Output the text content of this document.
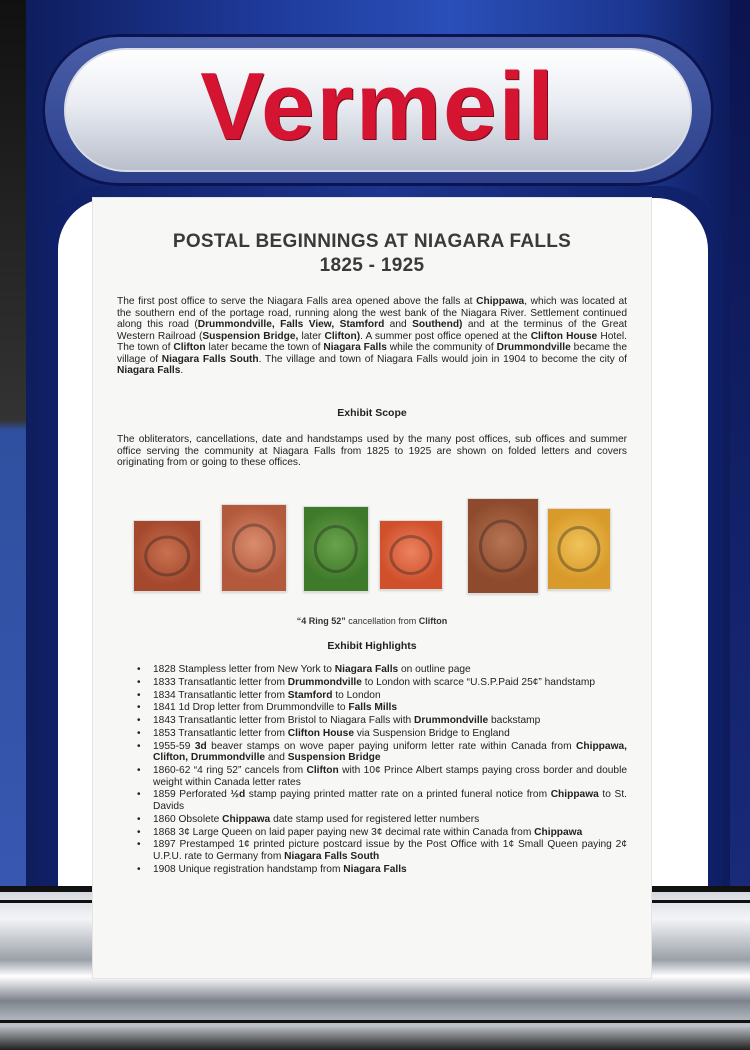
Vermeil
POSTAL BEGINNINGS AT NIAGARA FALLS
1825 - 1925
The first post office to serve the Niagara Falls area opened above the falls at Chippawa, which was located at the southern end of the portage road, running along the west bank of the Niagara River. Settlement continued along this road (Drummondville, Falls View, Stamford and Southend) and at the terminus of the Great Western Railroad (Suspension Bridge, later Clifton). A summer post office opened at the Clifton House Hotel. The town of Clifton later became the town of Niagara Falls while the community of Drummondville became the village of Niagara Falls South. The village and town of Niagara Falls would join in 1904 to become the city of Niagara Falls.
Exhibit Scope
The obliterators, cancellations, date and handstamps used by the many post offices, sub offices and summer office serving the community at Niagara Falls from 1825 to 1925 are shown on folded letters and covers originating from or going to these offices.
“4 Ring 52” cancellation from Clifton
Exhibit Highlights
• 1828 Stampless letter from New York to Niagara Falls on outline page
• 1833 Transatlantic letter from Drummondville to London with scarce “U.S.P.Paid 25¢” handstamp
• 1834 Transatlantic letter from Stamford to London
• 1841 1d Drop letter from Drummondville to Falls Mills
• 1843 Transatlantic letter from Bristol to Niagara Falls with Drummondville backstamp
• 1853 Transatlantic letter from Clifton House via Suspension Bridge to England
• 1955-59 3d beaver stamps on wove paper paying uniform letter rate within Canada from Chippawa, Clifton, Drummondville and Suspension Bridge
• 1860-62 “4 ring 52” cancels from Clifton with 10¢ Prince Albert stamps paying cross border and double weight within Canada letter rates
• 1859 Perforated ½d stamp paying printed matter rate on a printed funeral notice from Chippawa to St. Davids
• 1860 Obsolete Chippawa date stamp used for registered letter numbers
• 1868 3¢ Large Queen on laid paper paying new 3¢ decimal rate within Canada from Chippawa
• 1897 Prestamped 1¢ printed picture postcard issue by the Post Office with 1¢ Small Queen paying 2¢ U.P.U. rate to Germany from Niagara Falls South
• 1908 Unique registration handstamp from Niagara Falls
